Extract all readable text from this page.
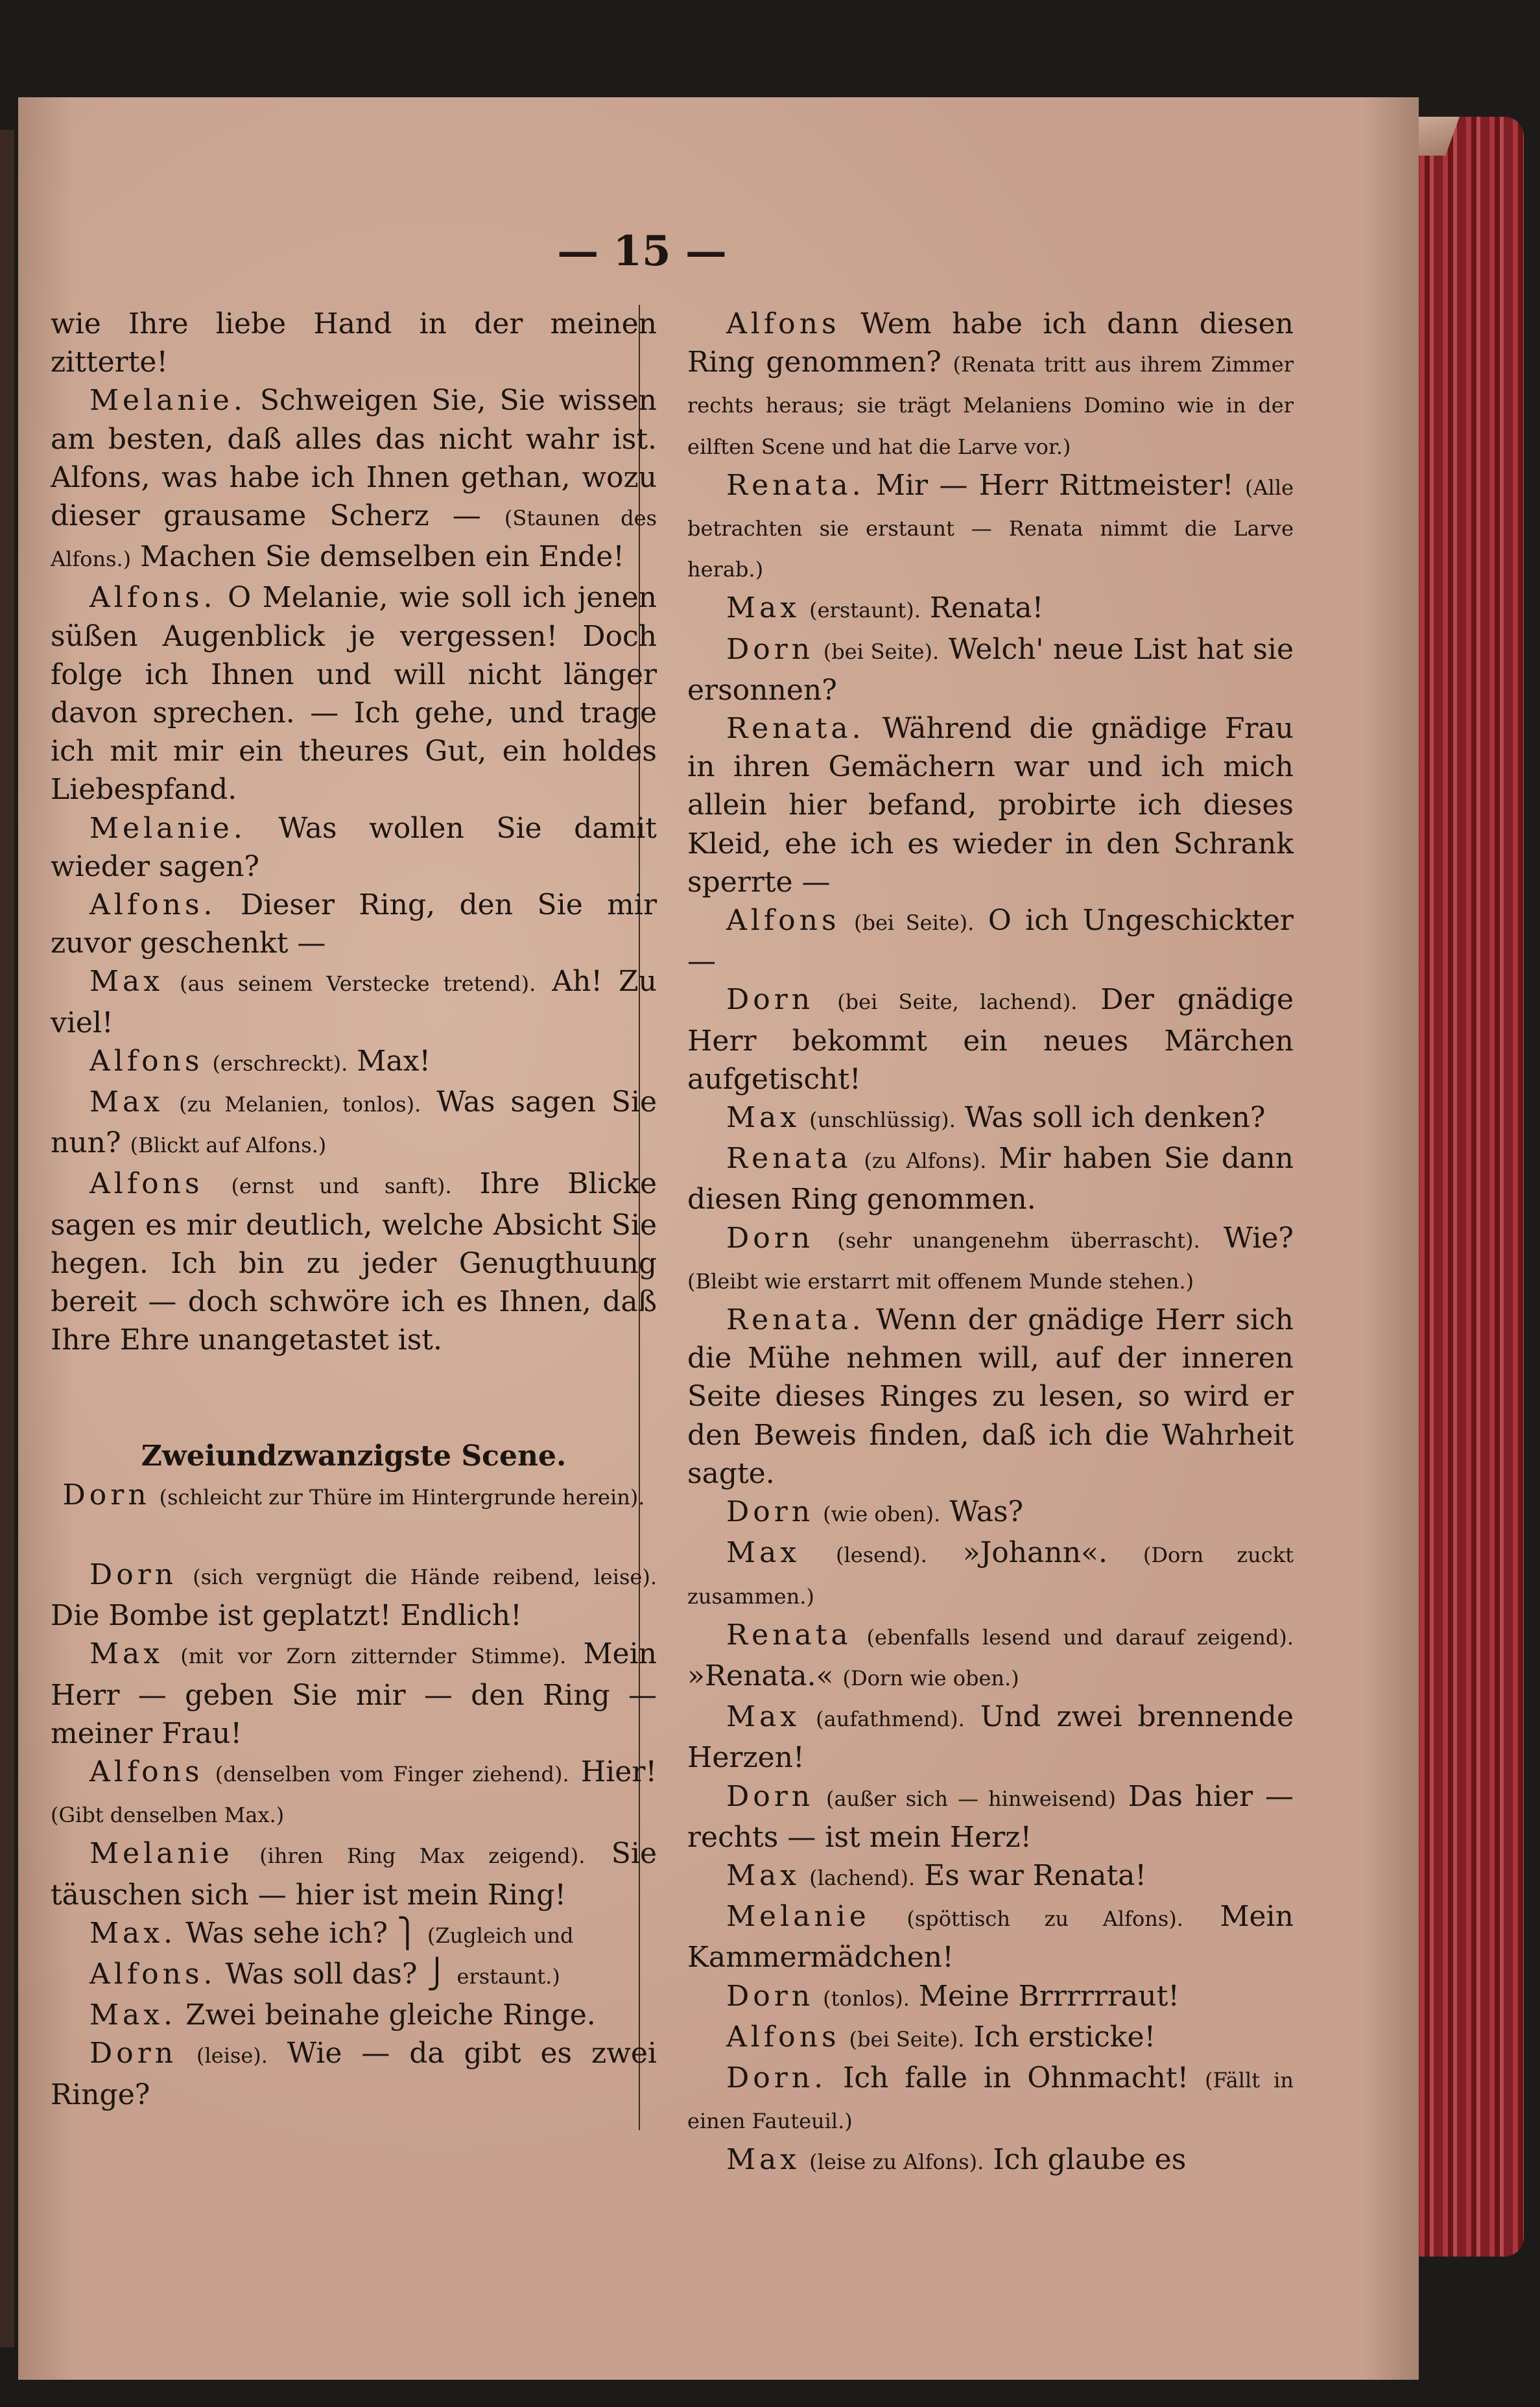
— 15 —

wie Ihre liebe Hand in der meinen zitterte!

Melanie. Schweigen Sie, Sie wissen am besten, daß alles das nicht wahr ist. Alfons, was habe ich Ihnen gethan, wozu dieser grausame Scherz — (Staunen des Alfons.) Machen Sie demselben ein Ende!

Alfons. O Melanie, wie soll ich jenen süßen Augenblick je vergessen! Doch folge ich Ihnen und will nicht länger davon sprechen. — Ich gehe, und trage ich mit mir ein theures Gut, ein holdes Liebespfand.

Melanie. Was wollen Sie damit wieder sagen?

Alfons. Dieser Ring, den Sie mir zuvor geschenkt —

Max (aus seinem Verstecke tretend). Ah! Zu viel!

Alfons (erschreckt). Max!

Max (zu Melanien, tonlos). Was sagen Sie nun? (Blickt auf Alfons.)

Alfons (ernst und sanft). Ihre Blicke sagen es mir deutlich, welche Absicht Sie hegen. Ich bin zu jeder Genugthuung bereit — doch schwöre ich es Ihnen, daß Ihre Ehre unangetastet ist.

Zweiundzwanzigste Scene.

Dorn (schleicht zur Thüre im Hintergrunde herein).

Dorn (sich vergnügt die Hände reibend, leise). Die Bombe ist geplatzt! Endlich!

Max (mit vor Zorn zitternder Stimme). Mein Herr — geben Sie mir — den Ring — meiner Frau!

Alfons (denselben vom Finger ziehend). Hier! (Gibt denselben Max.)

Melanie (ihren Ring Max zeigend). Sie täuschen sich — hier ist mein Ring!

Max. Was sehe ich? ⎫ (Zugleich und

Alfons. Was soll das? ⎭ erstaunt.)

Max. Zwei beinahe gleiche Ringe.

Dorn (leise). Wie — da gibt es zwei Ringe?

Alfons Wem habe ich dann diesen Ring genommen? (Renata tritt aus ihrem Zimmer rechts heraus; sie trägt Melaniens Domino wie in der eilften Scene und hat die Larve vor.)

Renata. Mir — Herr Rittmeister! (Alle betrachten sie erstaunt — Renata nimmt die Larve herab.)

Max (erstaunt). Renata!

Dorn (bei Seite). Welch' neue List hat sie ersonnen?

Renata. Während die gnädige Frau in ihren Gemächern war und ich mich allein hier befand, probirte ich dieses Kleid, ehe ich es wieder in den Schrank sperrte —

Alfons (bei Seite). O ich Ungeschickter —

Dorn (bei Seite, lachend). Der gnädige Herr bekommt ein neues Märchen aufgetischt!

Max (unschlüssig). Was soll ich denken?

Renata (zu Alfons). Mir haben Sie dann diesen Ring genommen.

Dorn (sehr unangenehm überrascht). Wie? (Bleibt wie erstarrt mit offenem Munde stehen.)

Renata. Wenn der gnädige Herr sich die Mühe nehmen will, auf der inneren Seite dieses Ringes zu lesen, so wird er den Beweis finden, daß ich die Wahrheit sagte.

Dorn (wie oben). Was?

Max (lesend). »Johann«. (Dorn zuckt zusammen.)

Renata (ebenfalls lesend und darauf zeigend). »Renata.« (Dorn wie oben.)

Max (aufathmend). Und zwei brennende Herzen!

Dorn (außer sich — hinweisend) Das hier — rechts — ist mein Herz!

Max (lachend). Es war Renata!

Melanie (spöttisch zu Alfons). Mein Kammermädchen!

Dorn (tonlos). Meine Brrrrrraut!

Alfons (bei Seite). Ich ersticke!

Dorn. Ich falle in Ohnmacht! (Fällt in einen Fauteuil.)

Max (leise zu Alfons). Ich glaube es
